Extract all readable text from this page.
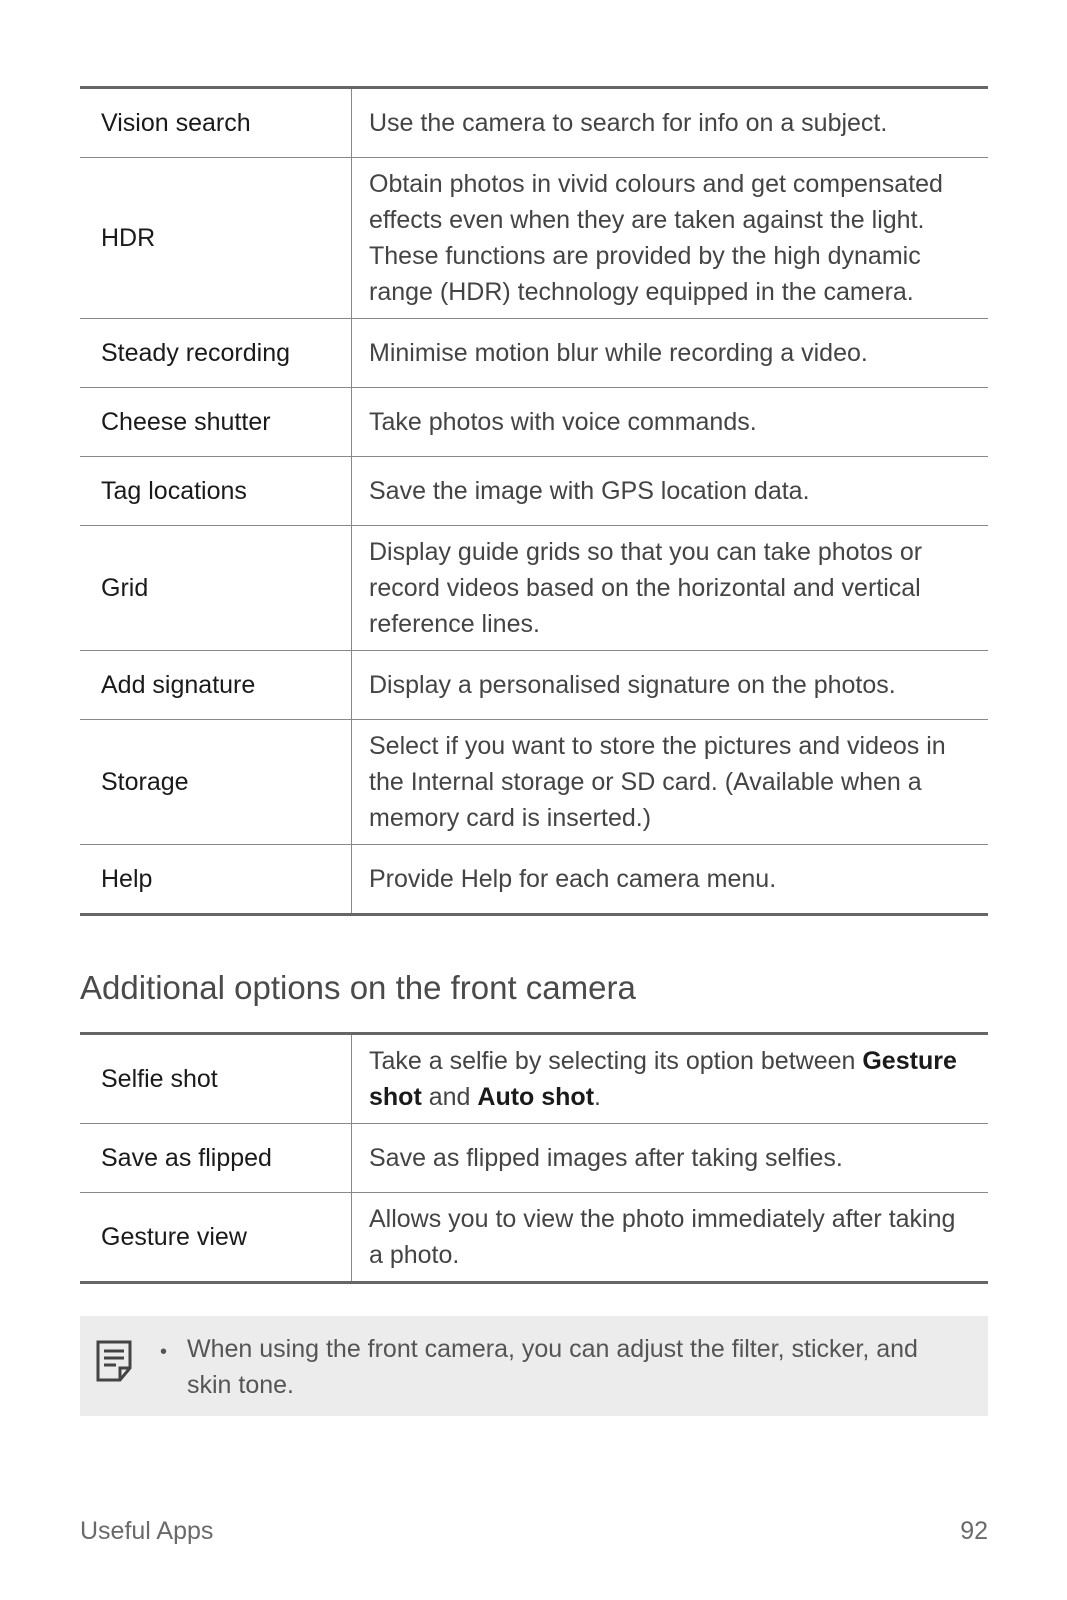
Vision search	Use the camera to search for info on a subject.
HDR	Obtain photos in vivid colours and get compensated effects even when they are taken against the light. These functions are provided by the high dynamic range (HDR) technology equipped in the camera.
Steady recording	Minimise motion blur while recording a video.
Cheese shutter	Take photos with voice commands.
Tag locations	Save the image with GPS location data.
Grid	Display guide grids so that you can take photos or record videos based on the horizontal and vertical reference lines.
Add signature	Display a personalised signature on the photos.
Storage	Select if you want to store the pictures and videos in the Internal storage or SD card. (Available when a memory card is inserted.)
Help	Provide Help for each camera menu.
Additional options on the front camera
Selfie shot	Take a selfie by selecting its option between Gesture shot and Auto shot.
Save as flipped	Save as flipped images after taking selfies.
Gesture view	Allows you to view the photo immediately after taking a photo.
• When using the front camera, you can adjust the filter, sticker, and skin tone.
Useful Apps	92
